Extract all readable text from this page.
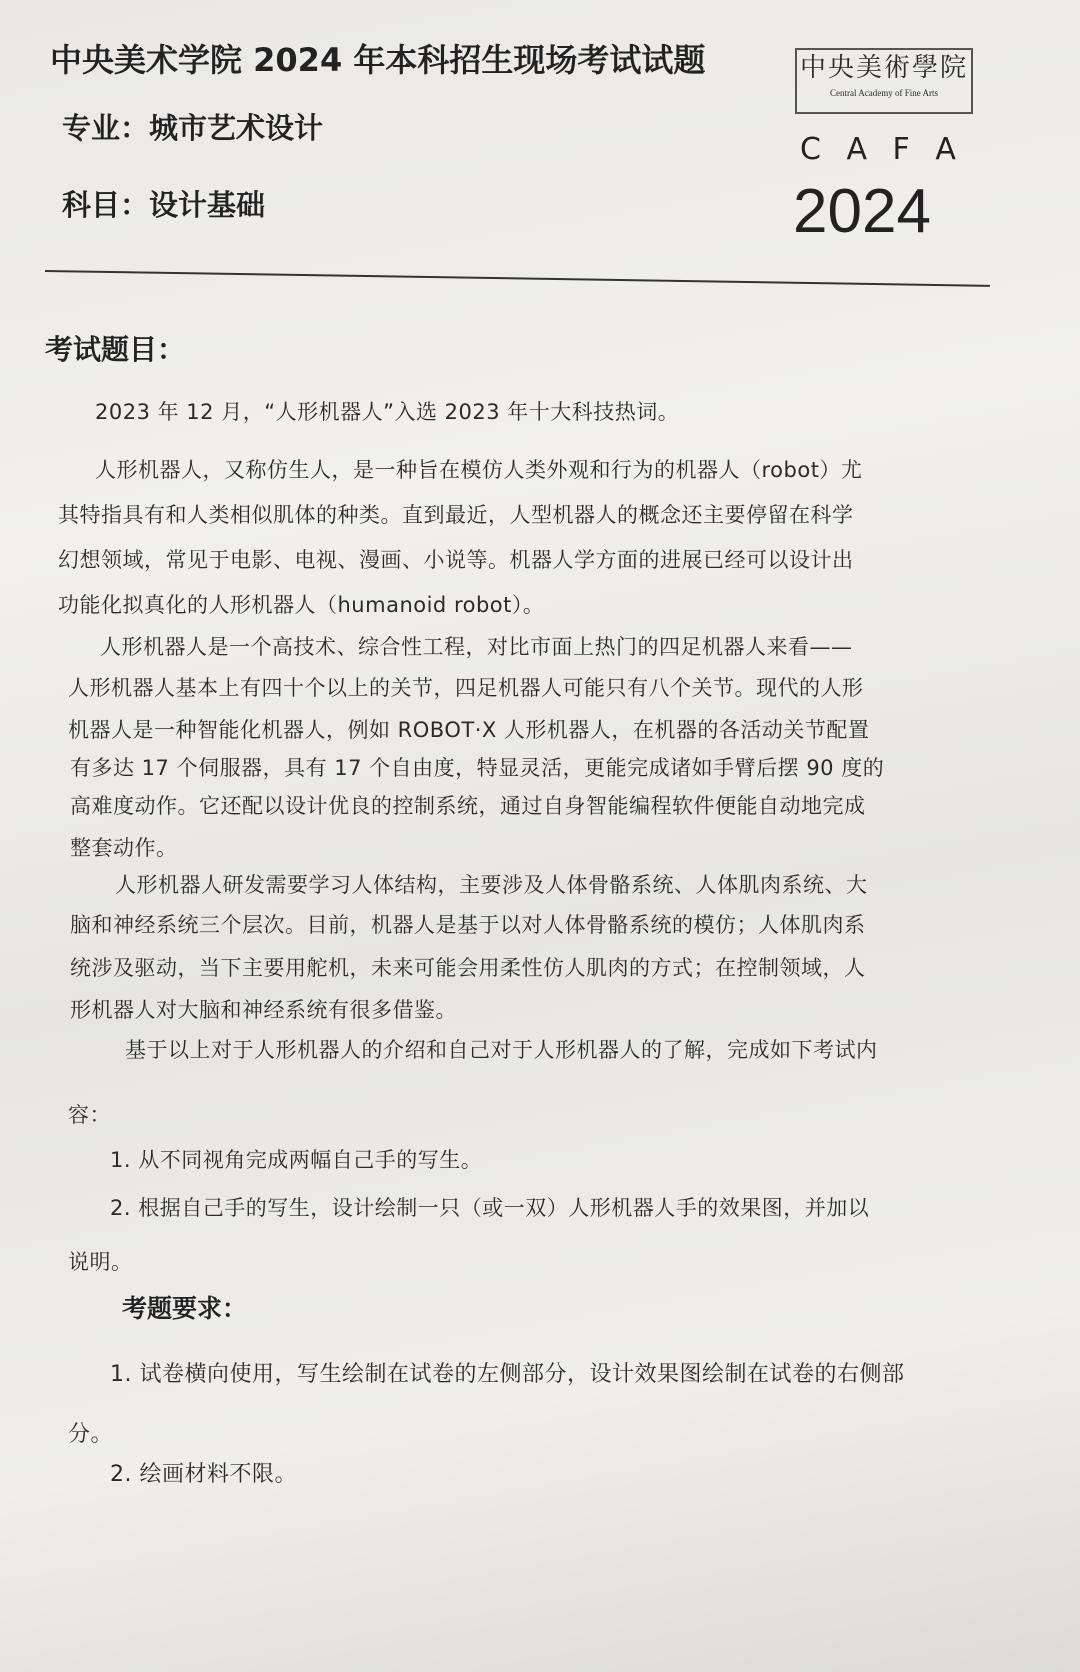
中央美术学院 2024 年本科招生现场考试试题
专业：城市艺术设计
科目：设计基础
中央美術學院
Central Academy of Fine Arts
C A F A
2024
考试题目：
2023 年 12 月，“人形机器人”入选 2023 年十大科技热词。
人形机器人，又称仿生人，是一种旨在模仿人类外观和行为的机器人（robot）尤
其特指具有和人类相似肌体的种类。直到最近，人型机器人的概念还主要停留在科学
幻想领域，常见于电影、电视、漫画、小说等。机器人学方面的进展已经可以设计出
功能化拟真化的人形机器人（humanoid robot）。
人形机器人是一个高技术、综合性工程，对比市面上热门的四足机器人来看——
人形机器人基本上有四十个以上的关节，四足机器人可能只有八个关节。现代的人形
机器人是一种智能化机器人，例如 ROBOT·X 人形机器人，在机器的各活动关节配置
有多达 17 个伺服器，具有 17 个自由度，特显灵活，更能完成诸如手臂后摆 90 度的
高难度动作。它还配以设计优良的控制系统，通过自身智能编程软件便能自动地完成
整套动作。
人形机器人研发需要学习人体结构，主要涉及人体骨骼系统、人体肌肉系统、大
脑和神经系统三个层次。目前，机器人是基于以对人体骨骼系统的模仿；人体肌肉系
统涉及驱动，当下主要用舵机，未来可能会用柔性仿人肌肉的方式；在控制领域，人
形机器人对大脑和神经系统有很多借鉴。
基于以上对于人形机器人的介绍和自己对于人形机器人的了解，完成如下考试内
容：
1. 从不同视角完成两幅自己手的写生。
2. 根据自己手的写生，设计绘制一只（或一双）人形机器人手的效果图，并加以
说明。
考题要求：
1. 试卷横向使用，写生绘制在试卷的左侧部分，设计效果图绘制在试卷的右侧部
分。
2. 绘画材料不限。
